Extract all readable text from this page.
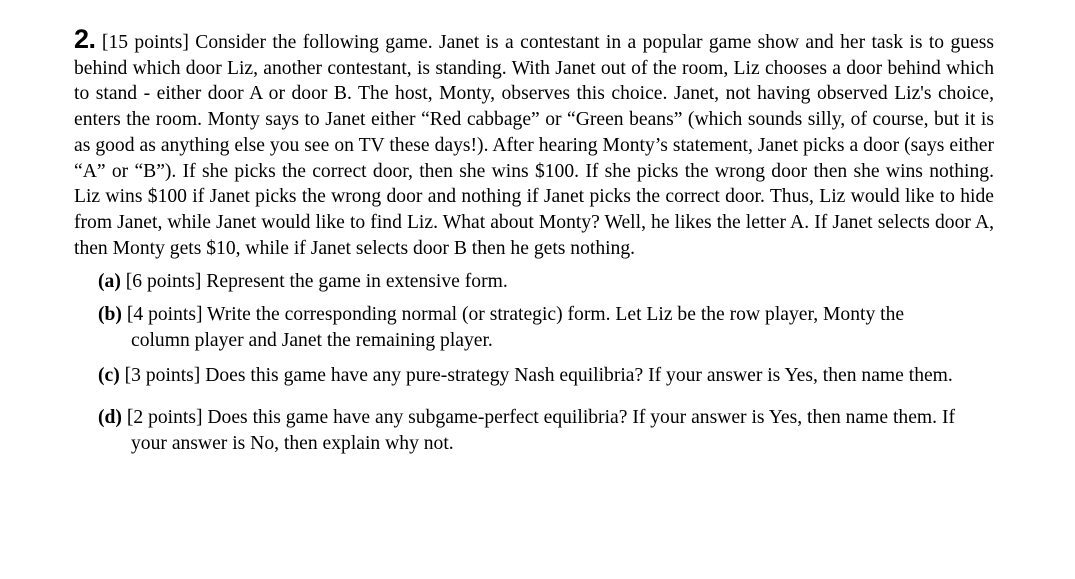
2. [15 points] Consider the following game. Janet is a contestant in a popular game show and her task is to guess behind which door Liz, another contestant, is standing. With Janet out of the room, Liz chooses a door behind which to stand - either door A or door B. The host, Monty, observes this choice. Janet, not having observed Liz's choice, enters the room. Monty says to Janet either “Red cabbage” or “Green beans” (which sounds silly, of course, but it is as good as anything else you see on TV these days!). After hearing Monty’s statement, Janet picks a door (says either “A” or “B”). If she picks the correct door, then she wins $100. If she picks the wrong door then she wins nothing. Liz wins $100 if Janet picks the wrong door and nothing if Janet picks the correct door. Thus, Liz would like to hide from Janet, while Janet would like to find Liz. What about Monty? Well, he likes the letter A. If Janet selects door A, then Monty gets $10, while if Janet selects door B then he gets nothing.
(a) [6 points] Represent the game in extensive form.
(b) [4 points] Write the corresponding normal (or strategic) form. Let Liz be the row player, Monty the column player and Janet the remaining player.
(c) [3 points] Does this game have any pure-strategy Nash equilibria? If your answer is Yes, then name them.
(d) [2 points] Does this game have any subgame-perfect equilibria? If your answer is Yes, then name them. If your answer is No, then explain why not.
